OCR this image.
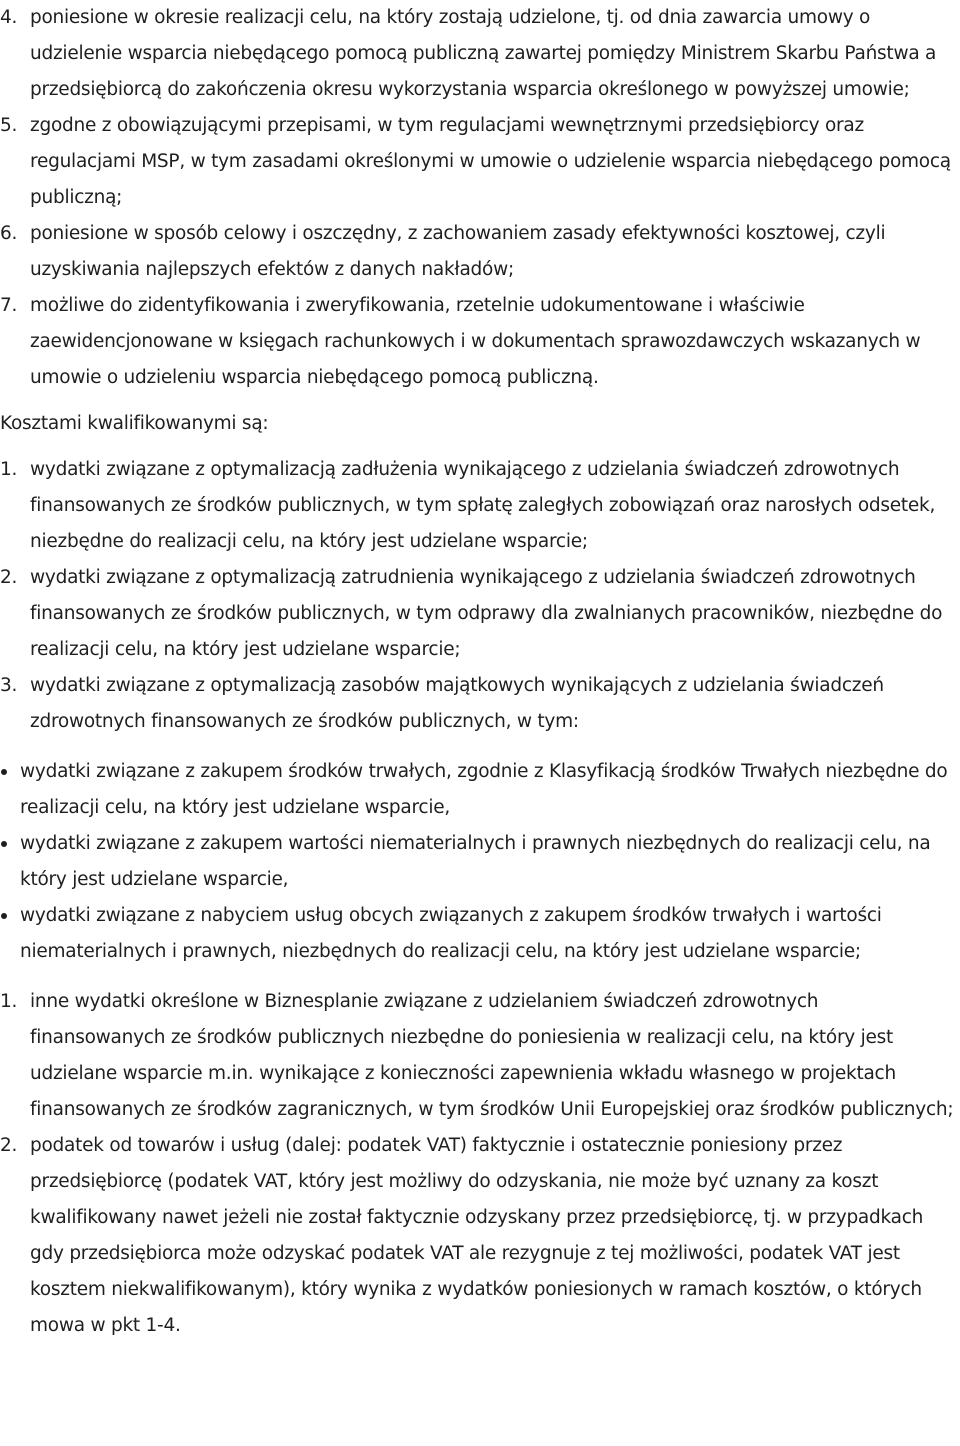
4. poniesione w okresie realizacji celu, na który zostają udzielone, tj. od dnia zawarcia umowy o udzielenie wsparcia niebędącego pomocą publiczną zawartej pomiędzy Ministrem Skarbu Państwa a przedsiębiorcą do zakończenia okresu wykorzystania wsparcia określonego w powyższej umowie;
5. zgodne z obowiązującymi przepisami, w tym regulacjami wewnętrznymi przedsiębiorcy oraz regulacjami MSP, w tym zasadami określonymi w umowie o udzielenie wsparcia niebędącego pomocą publiczną;
6. poniesione w sposób celowy i oszczędny, z zachowaniem zasady efektywności kosztowej, czyli uzyskiwania najlepszych efektów z danych nakładów;
7. możliwe do zidentyfikowania i zweryfikowania, rzetelnie udokumentowane i właściwie zaewidencjonowane w księgach rachunkowych i w dokumentach sprawozdawczych wskazanych w umowie o udzieleniu wsparcia niebędącego pomocą publiczną.

Kosztami kwalifikowanymi są:

1. wydatki związane z optymalizacją zadłużenia wynikającego z udzielania świadczeń zdrowotnych finansowanych ze środków publicznych, w tym spłatę zaległych zobowiązań oraz narosłych odsetek, niezbędne do realizacji celu, na który jest udzielane wsparcie;
2. wydatki związane z optymalizacją zatrudnienia wynikającego z udzielania świadczeń zdrowotnych finansowanych ze środków publicznych, w tym odprawy dla zwalnianych pracowników, niezbędne do realizacji celu, na który jest udzielane wsparcie;
3. wydatki związane z optymalizacją zasobów majątkowych wynikających z udzielania świadczeń zdrowotnych finansowanych ze środków publicznych, w tym:
wydatki związane z zakupem środków trwałych, zgodnie z Klasyfikacją środków Trwałych niezbędne do realizacji celu, na który jest udzielane wsparcie,
wydatki związane z zakupem wartości niematerialnych i prawnych niezbędnych do realizacji celu, na który jest udzielane wsparcie,
wydatki związane z nabyciem usług obcych związanych z zakupem środków trwałych i wartości niematerialnych i prawnych, niezbędnych do realizacji celu, na który jest udzielane wsparcie;
1. inne wydatki określone w Biznesplanie związane z udzielaniem świadczeń zdrowotnych finansowanych ze środków publicznych niezbędne do poniesienia w realizacji celu, na który jest udzielane wsparcie m.in. wynikające z konieczności zapewnienia wkładu własnego w projektach finansowanych ze środków zagranicznych, w tym środków Unii Europejskiej oraz środków publicznych;
2. podatek od towarów i usług (dalej: podatek VAT) faktycznie i ostatecznie poniesiony przez przedsiębiorcę (podatek VAT, który jest możliwy do odzyskania, nie może być uznany za koszt kwalifikowany nawet jeżeli nie został faktycznie odzyskany przez przedsiębiorcę, tj. w przypadkach gdy przedsiębiorca może odzyskać podatek VAT ale rezygnuje z tej możliwości, podatek VAT jest kosztem niekwalifikowanym), który wynika z wydatków poniesionych w ramach kosztów, o których mowa w pkt 1-4.
